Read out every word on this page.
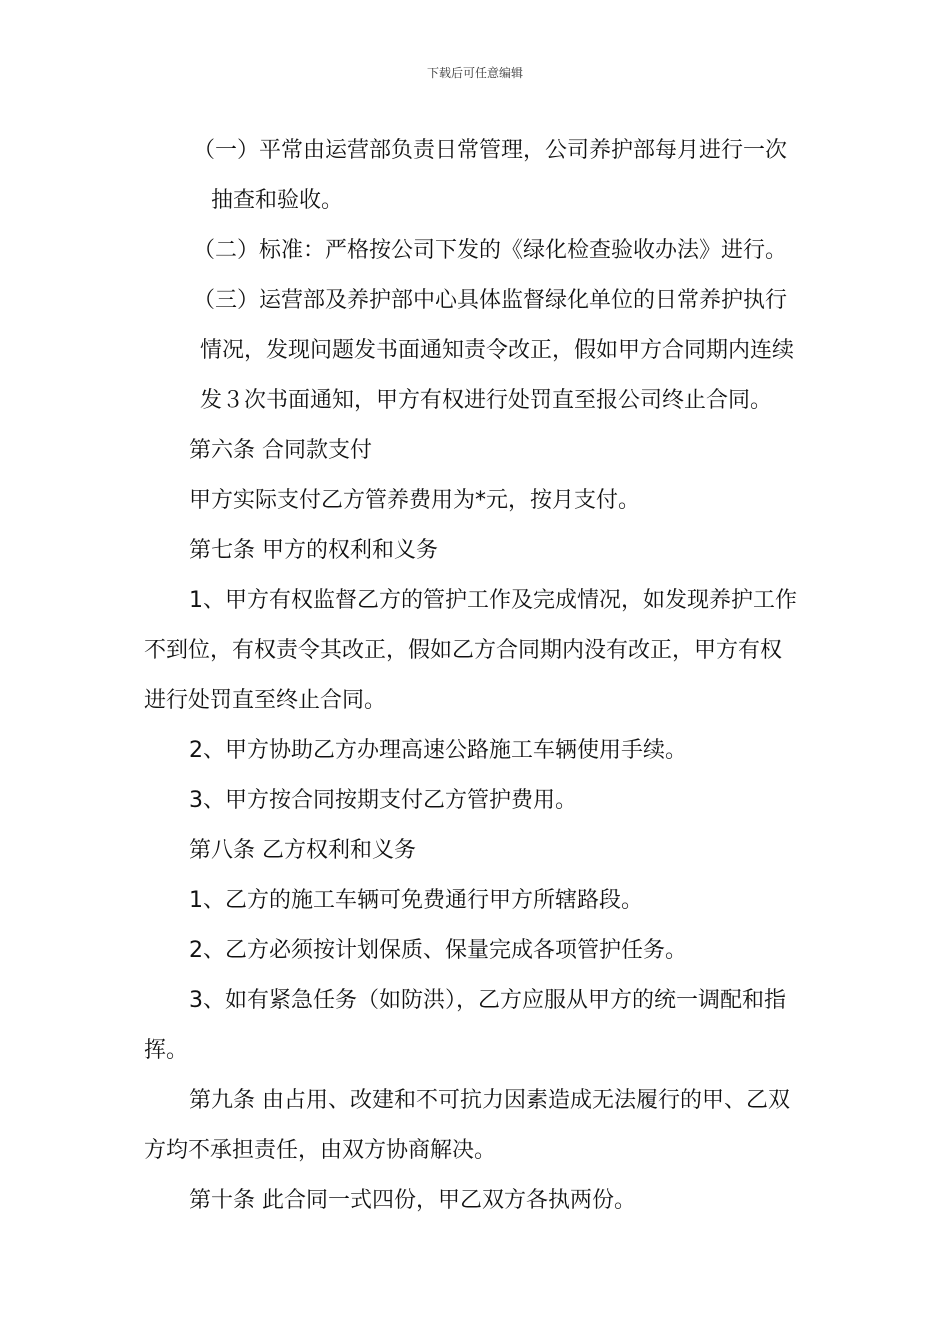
下载后可任意编辑
（一）平常由运营部负责日常管理，公司养护部每月进行一次
抽查和验收。
（二）标准：严格按公司下发的《绿化检查验收办法》进行。
（三）运营部及养护部中心具体监督绿化单位的日常养护执行
情况，发现问题发书面通知责令改正，假如甲方合同期内连续
发３次书面通知，甲方有权进行处罚直至报公司终止合同。
第六条 合同款支付
甲方实际支付乙方管养费用为*元，按月支付。
第七条 甲方的权利和义务
1、甲方有权监督乙方的管护工作及完成情况，如发现养护工作
不到位，有权责令其改正，假如乙方合同期内没有改正，甲方有权
进行处罚直至终止合同。
2、甲方协助乙方办理高速公路施工车辆使用手续。
3、甲方按合同按期支付乙方管护费用。
第八条 乙方权利和义务
1、乙方的施工车辆可免费通行甲方所辖路段。
2、乙方必须按计划保质、保量完成各项管护任务。
3、如有紧急任务（如防洪），乙方应服从甲方的统一调配和指
挥。
第九条 由占用、改建和不可抗力因素造成无法履行的甲、乙双
方均不承担责任，由双方协商解决。
第十条 此合同一式四份，甲乙双方各执两份。
